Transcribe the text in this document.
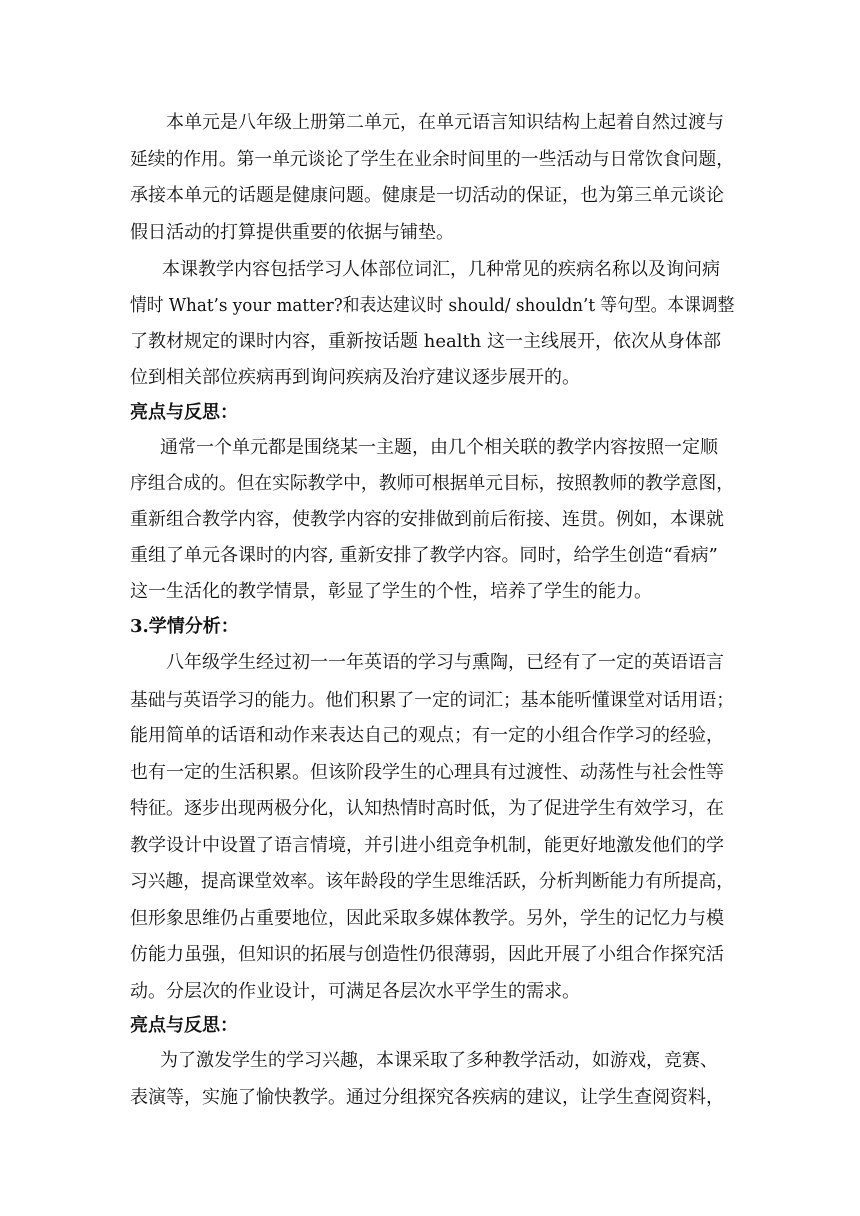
本单元是八年级上册第二单元，在单元语言知识结构上起着自然过渡与
延续的作用。第一单元谈论了学生在业余时间里的一些活动与日常饮食问题，
承接本单元的话题是健康问题。健康是一切活动的保证，也为第三单元谈论
假日活动的打算提供重要的依据与铺垫。
本课教学内容包括学习人体部位词汇，几种常见的疾病名称以及询问病
情时 What’s your matter?和表达建议时 should/ shouldn’t 等句型。本课调整
了教材规定的课时内容，重新按话题 health 这一主线展开，依次从身体部
位到相关部位疾病再到询问疾病及治疗建议逐步展开的。
亮点与反思：
通常一个单元都是围绕某一主题，由几个相关联的教学内容按照一定顺
序组合成的。但在实际教学中，教师可根据单元目标，按照教师的教学意图，
重新组合教学内容，使教学内容的安排做到前后衔接、连贯。例如，本课就
重组了单元各课时的内容, 重新安排了教学内容。同时，给学生创造“看病”
这一生活化的教学情景，彰显了学生的个性，培养了学生的能力。
3.学情分析：
八年级学生经过初一一年英语的学习与熏陶，已经有了一定的英语语言
基础与英语学习的能力。他们积累了一定的词汇；基本能听懂课堂对话用语；
能用简单的话语和动作来表达自己的观点；有一定的小组合作学习的经验，
也有一定的生活积累。但该阶段学生的心理具有过渡性、动荡性与社会性等
特征。逐步出现两极分化，认知热情时高时低，为了促进学生有效学习，在
教学设计中设置了语言情境，并引进小组竞争机制，能更好地激发他们的学
习兴趣，提高课堂效率。该年龄段的学生思维活跃，分析判断能力有所提高，
但形象思维仍占重要地位，因此采取多媒体教学。另外，学生的记忆力与模
仿能力虽强，但知识的拓展与创造性仍很薄弱，因此开展了小组合作探究活
动。分层次的作业设计，可满足各层次水平学生的需求。
亮点与反思：
为了激发学生的学习兴趣，本课采取了多种教学活动，如游戏，竞赛、
表演等，实施了愉快教学。通过分组探究各疾病的建议，让学生查阅资料，
